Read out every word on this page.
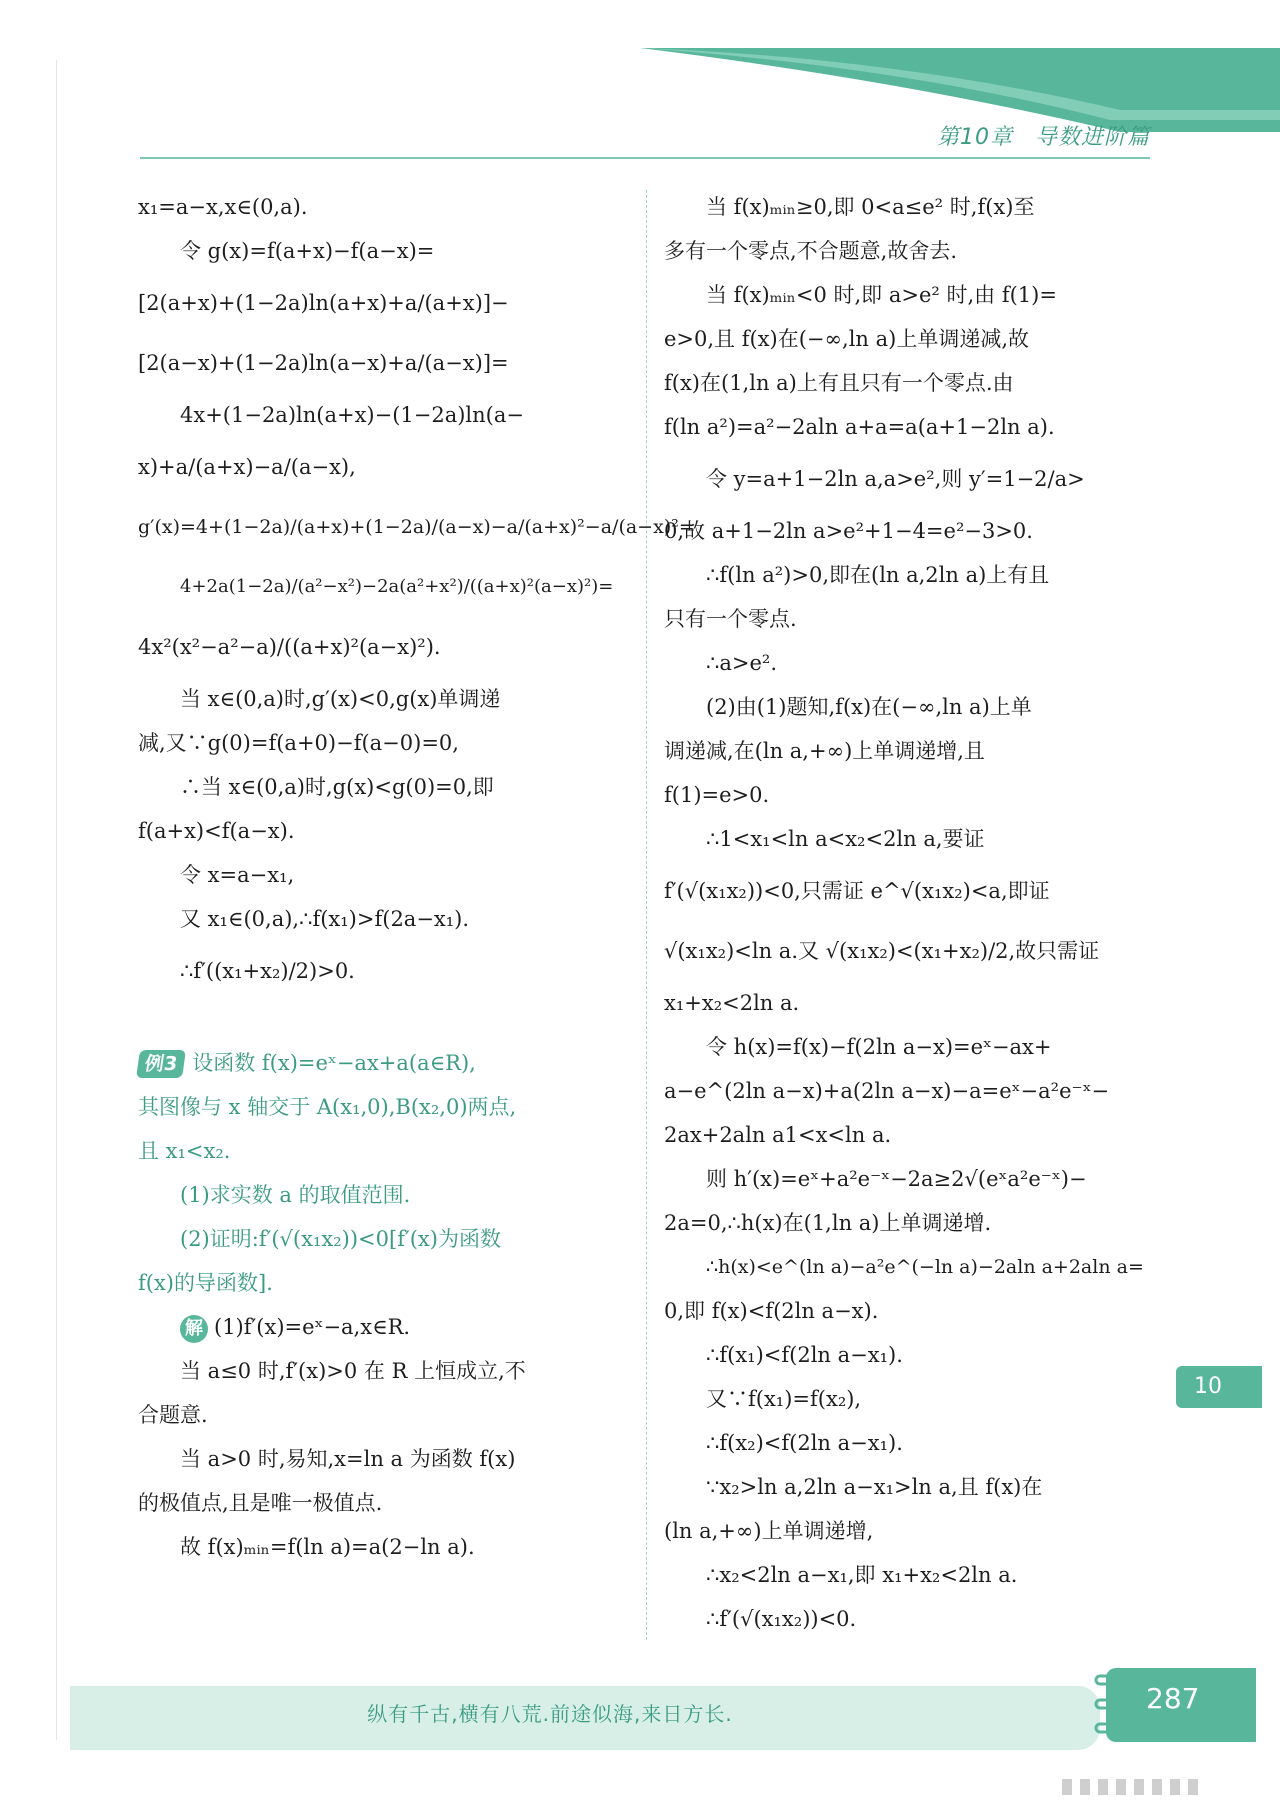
第10章 导数进阶篇
x₁=a−x,x∈(0,a).
令 g(x)=f(a+x)−f(a−x)=
[2(a+x)+(1−2a)ln(a+x)+a/(a+x)]−
[2(a−x)+(1−2a)ln(a−x)+a/(a−x)]=
4x+(1−2a)ln(a+x)−(1−2a)ln(a−
x)+a/(a+x)−a/(a−x),
g′(x)=4+(1−2a)/(a+x)+(1−2a)/(a−x)−a/(a+x)²−a/(a−x)²=
4+2a(1−2a)/(a²−x²)−2a(a²+x²)/((a+x)²(a−x)²)=
4x²(x²−a²−a)/((a+x)²(a−x)²).
当 x∈(0,a)时,g′(x)<0,g(x)单调递
减,又∵g(0)=f(a+0)−f(a−0)=0,
∴当 x∈(0,a)时,g(x)<g(0)=0,即
f(a+x)<f(a−x).
令 x=a−x₁,
又 x₁∈(0,a),∴f(x₁)>f(2a−x₁).
∴f′((x₁+x₂)/2)>0.
例3 设函数 f(x)=eˣ−ax+a(a∈R),
其图像与 x 轴交于 A(x₁,0),B(x₂,0)两点,
且 x₁<x₂.
(1)求实数 a 的取值范围.
(2)证明:f′(√(x₁x₂))<0[f′(x)为函数
f(x)的导函数].
解 (1)f′(x)=eˣ−a,x∈R.
当 a≤0 时,f′(x)>0 在 R 上恒成立,不
合题意.
当 a>0 时,易知,x=ln a 为函数 f(x)
的极值点,且是唯一极值点.
故 f(x)ₘᵢₙ=f(ln a)=a(2−ln a).
当 f(x)ₘᵢₙ≥0,即 0<a≤e² 时,f(x)至
多有一个零点,不合题意,故舍去.
当 f(x)ₘᵢₙ<0 时,即 a>e² 时,由 f(1)=
e>0,且 f(x)在(−∞,ln a)上单调递减,故
f(x)在(1,ln a)上有且只有一个零点.由
f(ln a²)=a²−2aln a+a=a(a+1−2ln a).
令 y=a+1−2ln a,a>e²,则 y′=1−2/a>
0,故 a+1−2ln a>e²+1−4=e²−3>0.
∴f(ln a²)>0,即在(ln a,2ln a)上有且
只有一个零点.
∴a>e².
(2)由(1)题知,f(x)在(−∞,ln a)上单
调递减,在(ln a,+∞)上单调递增,且
f(1)=e>0.
∴1<x₁<ln a<x₂<2ln a,要证
f′(√(x₁x₂))<0,只需证 e^√(x₁x₂)<a,即证
√(x₁x₂)<ln a.又 √(x₁x₂)<(x₁+x₂)/2,故只需证
x₁+x₂<2ln a.
令 h(x)=f(x)−f(2ln a−x)=eˣ−ax+
a−e^(2ln a−x)+a(2ln a−x)−a=eˣ−a²e⁻ˣ−
2ax+2aln a1<x<ln a.
则 h′(x)=eˣ+a²e⁻ˣ−2a≥2√(eˣa²e⁻ˣ)−
2a=0,∴h(x)在(1,ln a)上单调递增.
∴h(x)<e^(ln a)−a²e^(−ln a)−2aln a+2aln a=
0,即 f(x)<f(2ln a−x).
∴f(x₁)<f(2ln a−x₁).
又∵f(x₁)=f(x₂),
∴f(x₂)<f(2ln a−x₁).
∵x₂>ln a,2ln a−x₁>ln a,且 f(x)在
(ln a,+∞)上单调递增,
∴x₂<2ln a−x₁,即 x₁+x₂<2ln a.
∴f′(√(x₁x₂))<0.
10
纵有千古,横有八荒.前途似海,来日方长.	287
